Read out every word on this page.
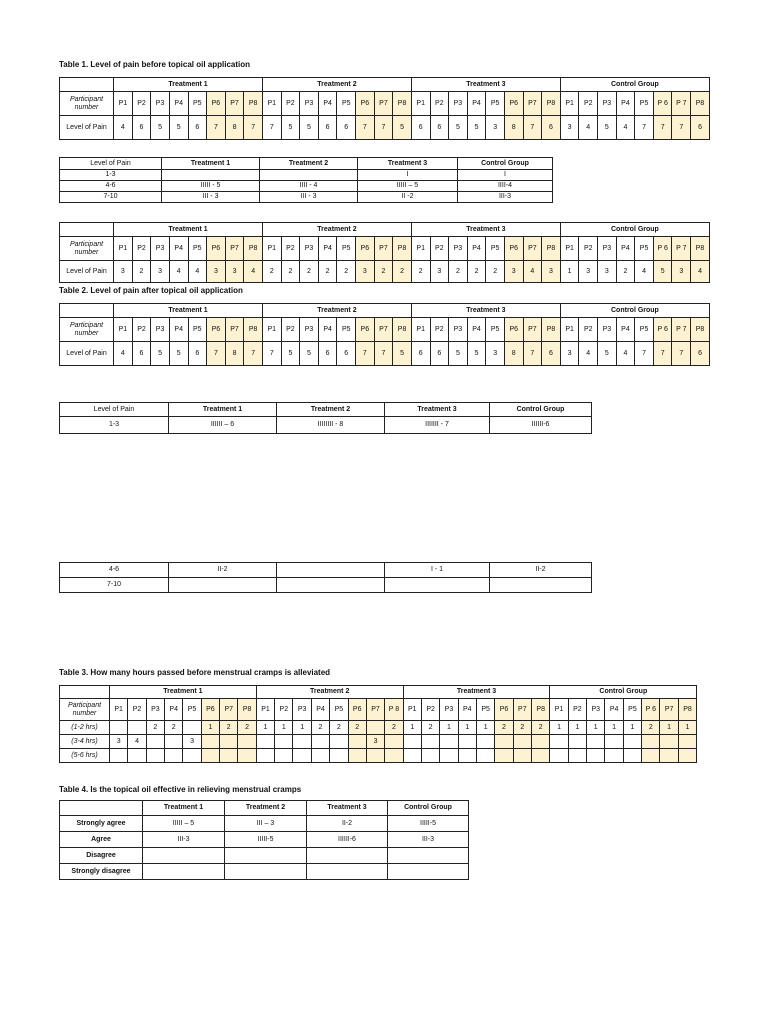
Table 1. Level of pain before topical oil application
	Treatment 1								Treatment 2								Treatment 3								Control Group							
Participant number	P1	P2	P3	P4	P5	P6	P7	P8	P1	P2	P3	P4	P5	P6	P7	P8	P1	P2	P3	P4	P5	P6	P7	P8	P1	P2	P3	P4	P5	P 6	P 7	P8
Level of Pain	4	6	5	5	6	7	8	7	7	5	5	6	6	7	7	5	6	6	5	5	3	8	7	6	3	4	5	4	7	7	7	6
Level of Pain	Treatment 1	Treatment 2	Treatment 3	Control Group
1-3			I	I
4-6	IIIII - 5	IIII - 4	IIIII – 5	IIII-4
7-10	III - 3	III - 3	II -2	III-3
	Treatment 1								Treatment 2								Treatment 3								Control Group							
Participant number	P1	P2	P3	P4	P5	P6	P7	P8	P1	P2	P3	P4	P5	P6	P7	P8	P1	P2	P3	P4	P5	P6	P7	P8	P1	P2	P3	P4	P5	P 6	P 7	P8
Level of Pain	3	2	3	4	4	3	3	4	2	2	2	2	2	3	2	2	2	3	2	2	2	3	4	3	1	3	3	2	4	5	3	4
Table 2. Level of pain after topical oil application
	Treatment 1								Treatment 2								Treatment 3								Control Group							
Participant number	P1	P2	P3	P4	P5	P6	P7	P8	P1	P2	P3	P4	P5	P6	P7	P8	P1	P2	P3	P4	P5	P6	P7	P8	P1	P2	P3	P4	P5	P 6	P 7	P8
Level of Pain	4	6	5	5	6	7	8	7	7	5	5	6	6	7	7	5	6	6	5	5	3	8	7	6	3	4	5	4	7	7	7	6
Level of Pain	Treatment 1	Treatment 2	Treatment 3	Control Group
1-3	IIIIII – 6	IIIIIIII - 8	IIIIIII - 7	IIIIII-6
4-6	II-2		I - 1	II-2
7-10				
Table 3. How many hours passed before menstrual cramps is alleviated
	Treatment 1								Treatment 2								Treatment 3								Control Group							
Participant number	P1	P2	P3	P4	P5	P6	P7	P8	P1	P2	P3	P4	P5	P6	P7	P 8	P1	P2	P3	P4	P5	P6	P7	P8	P1	P2	P3	P4	P5	P 6	P7	P8
(1-2 hrs)			2	2		1	2	2	1	1	1	2	2	2		2	1	2	1	1	1	2	2	2	1	1	1	1	1	2	1	1
(3-4 hrs)	3	4			3										3																	
(5-6 hrs)																																
Table 4. Is the topical oil effective in relieving menstrual cramps
	Treatment 1	Treatment 2	Treatment 3	Control Group
Strongly agree	IIIII – 5	III – 3	II-2	IIIII-5
Agree	III-3	IIIII-5	IIIIII-6	III-3
Disagree				
Strongly disagree				
